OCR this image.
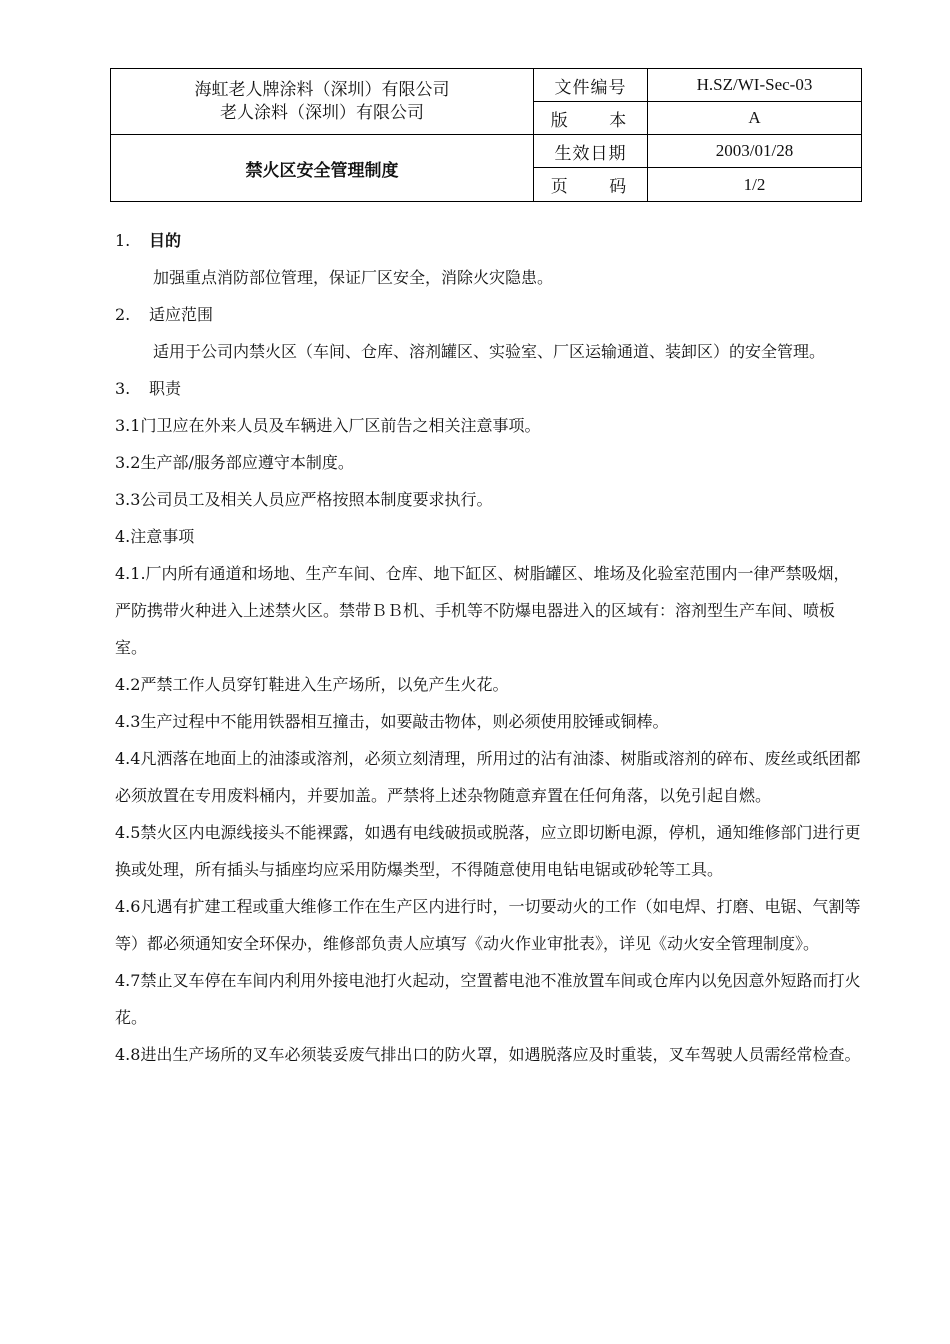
海虹老人牌涂料（深圳）有限公司
老人涂料（深圳）有限公司
文件编号	H.SZ/WI-Sec-03
版 本	A
禁火区安全管理制度
生效日期	2003/01/28
页 码	1/2

1. 目的

加强重点消防部位管理，保证厂区安全，消除火灾隐患。

2. 适应范围

适用于公司内禁火区（车间、仓库、溶剂罐区、实验室、厂区运输通道、装卸区）的安全管理。

3. 职责

3.1门卫应在外来人员及车辆进入厂区前告之相关注意事项。

3.2生产部/服务部应遵守本制度。

3.3公司员工及相关人员应严格按照本制度要求执行。

4.注意事项

4.1.厂内所有通道和场地、生产车间、仓库、地下缸区、树脂罐区、堆场及化验室范围内一律严禁吸烟，严防携带火种进入上述禁火区。禁带ＢＢ机、手机等不防爆电器进入的区域有：溶剂型生产车间、喷板室。

4.2严禁工作人员穿钉鞋进入生产场所，以免产生火花。

4.3生产过程中不能用铁器相互撞击，如要敲击物体，则必须使用胶锤或铜棒。

4.4凡洒落在地面上的油漆或溶剂，必须立刻清理，所用过的沾有油漆、树脂或溶剂的碎布、废丝或纸团都必须放置在专用废料桶内，并要加盖。严禁将上述杂物随意弃置在任何角落，以免引起自燃。

4.5禁火区内电源线接头不能裸露，如遇有电线破损或脱落，应立即切断电源，停机，通知维修部门进行更换或处理，所有插头与插座均应采用防爆类型，不得随意使用电钻电锯或砂轮等工具。

4.6凡遇有扩建工程或重大维修工作在生产区内进行时，一切要动火的工作（如电焊、打磨、电锯、气割等等）都必须通知安全环保办，维修部负责人应填写《动火作业审批表》，详见《动火安全管理制度》。

4.7禁止叉车停在车间内利用外接电池打火起动，空置蓄电池不准放置车间或仓库内以免因意外短路而打火花。

4.8进出生产场所的叉车必须装妥废气排出口的防火罩，如遇脱落应及时重装，叉车驾驶人员需经常检查。
